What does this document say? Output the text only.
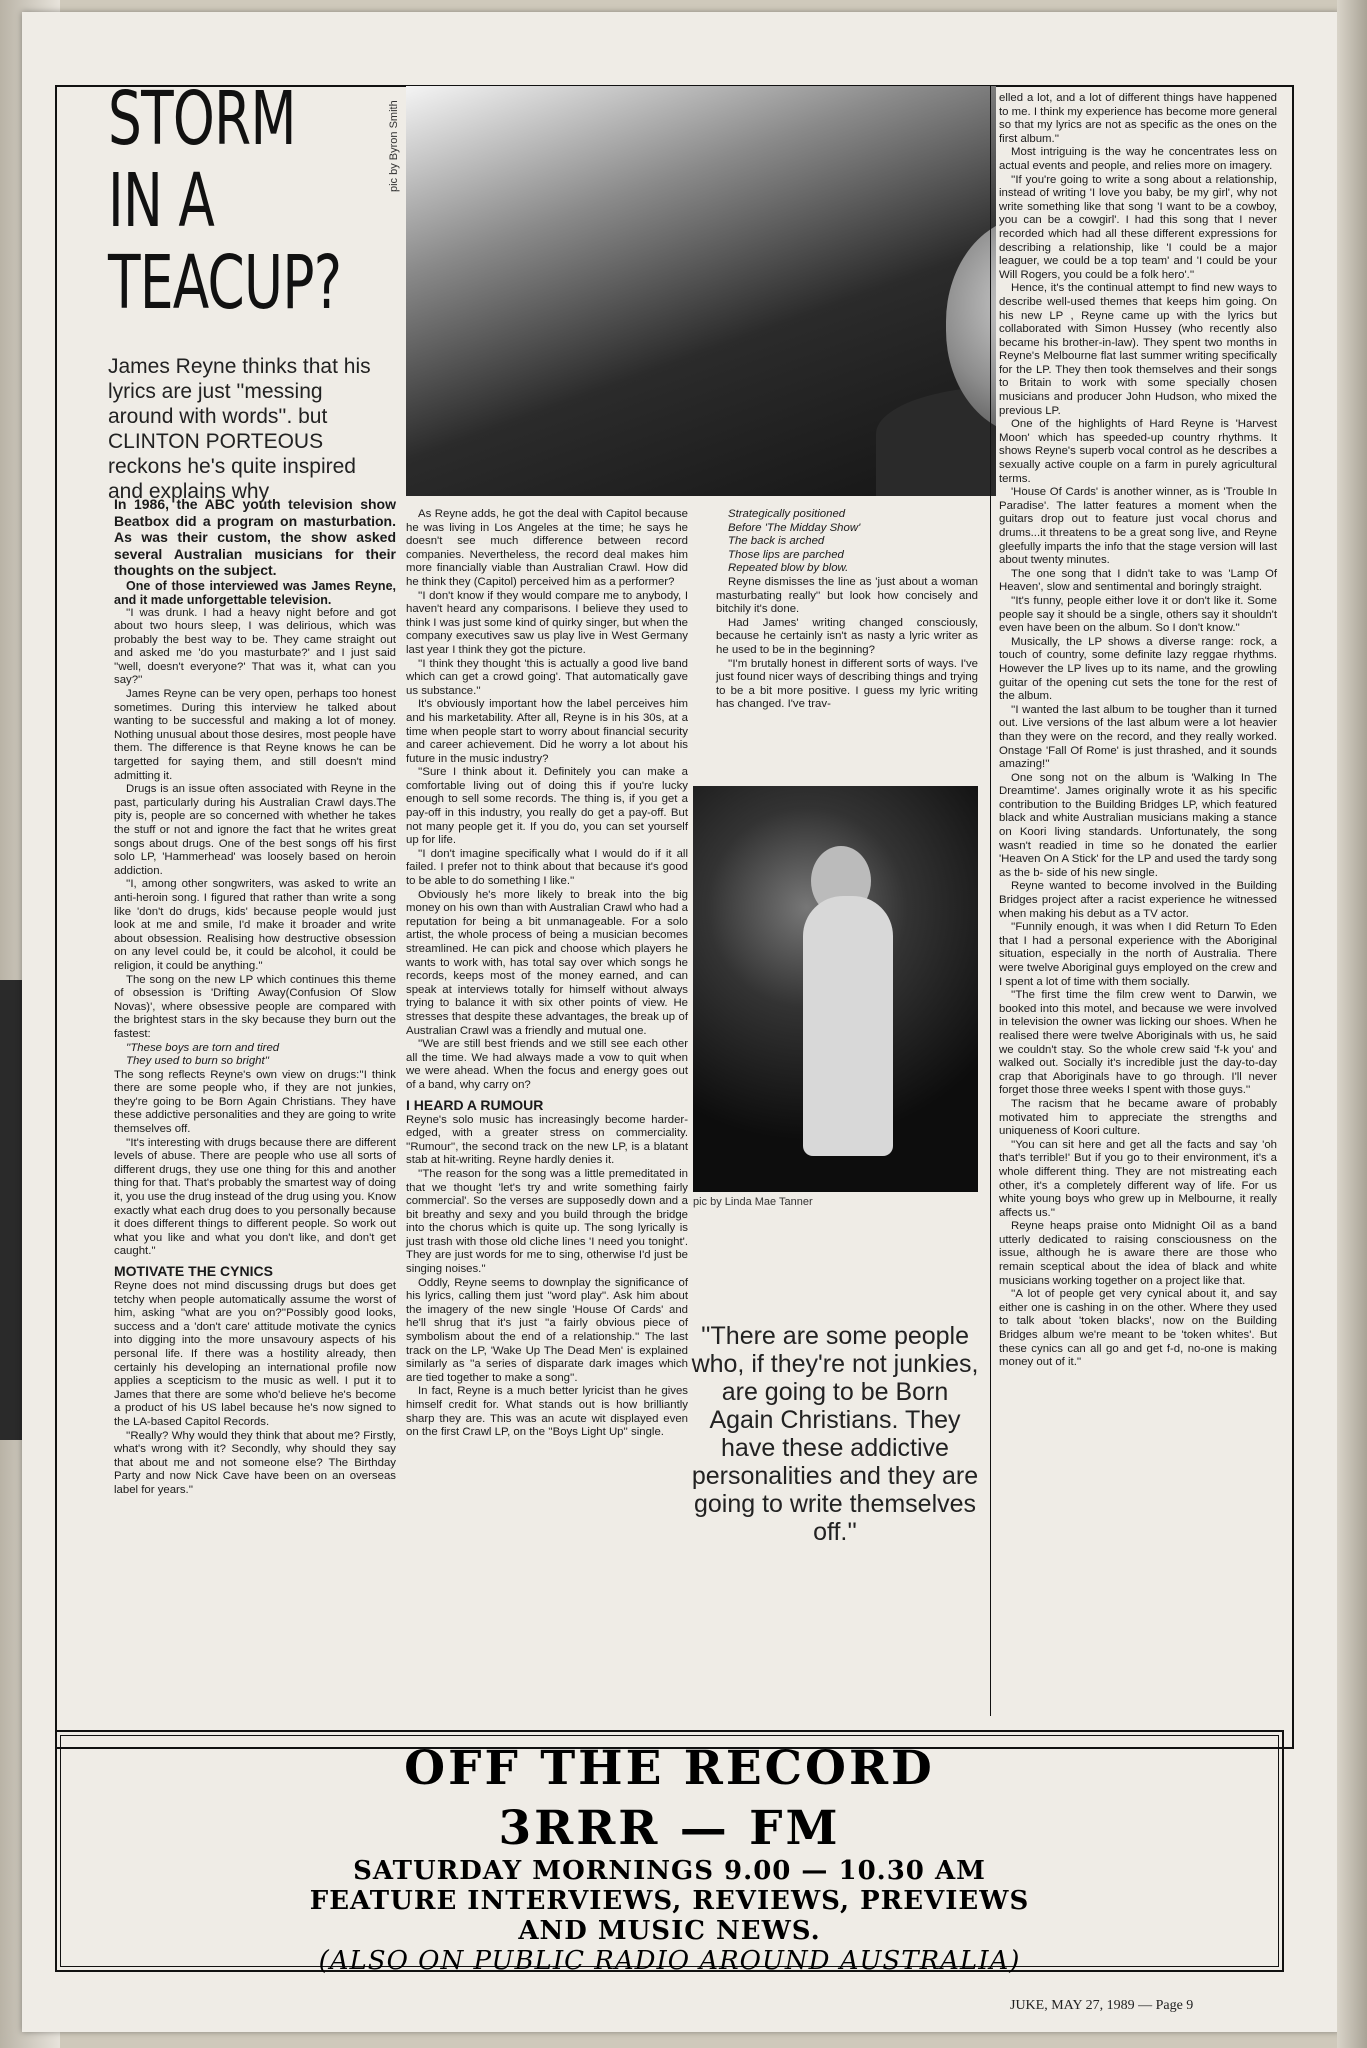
STORM
IN A
TEACUP?
James Reyne thinks that his lyrics are just ''messing around with words''. but CLINTON PORTEOUS reckons he's quite inspired and explains why
pic by Byron Smith
pic by Linda Mae Tanner

In 1986, the ABC youth television show Beatbox did a program on masturbation. As was their custom, the show asked several Australian musicians for their thoughts on the subject.

One of those interviewed was James Reyne, and it made unforgettable television.

''I was drunk. I had a heavy night before and got about two hours sleep, I was delirious, which was probably the best way to be. They came straight out and asked me 'do you masturbate?' and I just said ''well, doesn't everyone?' That was it, what can you say?''

James Reyne can be very open, perhaps too honest sometimes. During this interview he talked about wanting to be successful and making a lot of money. Nothing unusual about those desires, most people have them. The difference is that Reyne knows he can be targetted for saying them, and still doesn't mind admitting it.

Drugs is an issue often associated with Reyne in the past, particularly during his Australian Crawl days.The pity is, people are so concerned with whether he takes the stuff or not and ignore the fact that he writes great songs about drugs. One of the best songs off his first solo LP, 'Hammerhead' was loosely based on heroin addiction.

''I, among other songwriters, was asked to write an anti-heroin song. I figured that rather than write a song like 'don't do drugs, kids' because people would just look at me and smile, I'd make it broader and write about obsession. Realising how destructive obsession on any level could be, it could be alcohol, it could be religion, it could be anything.''

The song on the new LP which continues this theme of obsession is 'Drifting Away(Confusion Of Slow Novas)', where obsessive people are compared with the brightest stars in the sky because they burn out the fastest:

''These boys are torn and tired

They used to burn so bright''

The song reflects Reyne's own view on drugs:''I think there are some people who, if they are not junkies, they're going to be Born Again Christians. They have these addictive personalities and they are going to write themselves off.

''It's interesting with drugs because there are different levels of abuse. There are people who use all sorts of different drugs, they use one thing for this and another thing for that. That's probably the smartest way of doing it, you use the drug instead of the drug using you. Know exactly what each drug does to you personally because it does different things to different people. So work out what you like and what you don't like, and don't get caught.''

MOTIVATE THE CYNICS

Reyne does not mind discussing drugs but does get tetchy when people automatically assume the worst of him, asking ''what are you on?''Possibly good looks, success and a 'don't care' attitude motivate the cynics into digging into the more unsavoury aspects of his personal life. If there was a hostility already, then certainly his developing an international profile now applies a scepticism to the music as well. I put it to James that there are some who'd believe he's become a product of his US label because he's now signed to the LA-based Capitol Records.

''Really? Why would they think that about me? Firstly, what's wrong with it? Secondly, why should they say that about me and not someone else? The Birthday Party and now Nick Cave have been on an overseas label for years.''

As Reyne adds, he got the deal with Capitol because he was living in Los Angeles at the time; he says he doesn't see much difference between record companies. Nevertheless, the record deal makes him more financially viable than Australian Crawl. How did he think they (Capitol) perceived him as a performer?

''I don't know if they would compare me to anybody, I haven't heard any comparisons. I believe they used to think I was just some kind of quirky singer, but when the company executives saw us play live in West Germany last year I think they got the picture.

''I think they thought 'this is actually a good live band which can get a crowd going'. That automatically gave us substance.''

It's obviously important how the label perceives him and his marketability. After all, Reyne is in his 30s, at a time when people start to worry about financial security and career achievement. Did he worry a lot about his future in the music industry?

''Sure I think about it. Definitely you can make a comfortable living out of doing this if you're lucky enough to sell some records. The thing is, if you get a pay-off in this industry, you really do get a pay-off. But not many people get it. If you do, you can set yourself up for life.

''I don't imagine specifically what I would do if it all failed. I prefer not to think about that because it's good to be able to do something I like.''

Obviously he's more likely to break into the big money on his own than with Australian Crawl who had a reputation for being a bit unmanageable. For a solo artist, the whole process of being a musician becomes streamlined. He can pick and choose which players he wants to work with, has total say over which songs he records, keeps most of the money earned, and can speak at interviews totally for himself without always trying to balance it with six other points of view. He stresses that despite these advantages, the break up of Australian Crawl was a friendly and mutual one.

''We are still best friends and we still see each other all the time. We had always made a vow to quit when we were ahead. When the focus and energy goes out of a band, why carry on?

I HEARD A RUMOUR

Reyne's solo music has increasingly become harder-edged, with a greater stress on commerciality. ''Rumour'', the second track on the new LP, is a blatant stab at hit-writing. Reyne hardly denies it.

''The reason for the song was a little premeditated in that we thought 'let's try and write something fairly commercial'. So the verses are supposedly down and a bit breathy and sexy and you build through the bridge into the chorus which is quite up. The song lyrically is just trash with those old cliche lines 'I need you tonight'. They are just words for me to sing, otherwise I'd just be singing noises.''

Oddly, Reyne seems to downplay the significance of his lyrics, calling them just ''word play''. Ask him about the imagery of the new single 'House Of Cards' and he'll shrug that it's just ''a fairly obvious piece of symbolism about the end of a relationship.'' The last track on the LP, 'Wake Up The Dead Men' is explained similarly as ''a series of disparate dark images which are tied together to make a song''.

In fact, Reyne is a much better lyricist than he gives himself credit for. What stands out is how brilliantly sharp they are. This was an acute wit displayed even on the first Crawl LP, on the ''Boys Light Up'' single.

Strategically positioned

Before 'The Midday Show'

The back is arched

Those lips are parched

Repeated blow by blow.

Reyne dismisses the line as 'just about a woman masturbating really'' but look how concisely and bitchily it's done.

Had James' writing changed consciously, because he certainly isn't as nasty a lyric writer as he used to be in the beginning?

''I'm brutally honest in different sorts of ways. I've just found nicer ways of describing things and trying to be a bit more positive. I guess my lyric writing has changed. I've trav-

''There are some people who, if they're not junkies, are going to be Born Again Christians. They have these addictive personalities and they are going to write themselves off.''

elled a lot, and a lot of different things have happened to me. I think my experience has become more general so that my lyrics are not as specific as the ones on the first album.''

Most intriguing is the way he concentrates less on actual events and people, and relies more on imagery.

''If you're going to write a song about a relationship, instead of writing 'I love you baby, be my girl', why not write something like that song 'I want to be a cowboy, you can be a cowgirl'. I had this song that I never recorded which had all these different expressions for describing a relationship, like 'I could be a major leaguer, we could be a top team' and 'I could be your Will Rogers, you could be a folk hero'.''

Hence, it's the continual attempt to find new ways to describe well-used themes that keeps him going. On his new LP , Reyne came up with the lyrics but collaborated with Simon Hussey (who recently also became his brother-in-law). They spent two months in Reyne's Melbourne flat last summer writing specifically for the LP. They then took themselves and their songs to Britain to work with some specially chosen musicians and producer John Hudson, who mixed the previous LP.

One of the highlights of Hard Reyne is 'Harvest Moon' which has speeded-up country rhythms. It shows Reyne's superb vocal control as he describes a sexually active couple on a farm in purely agricultural terms.

'House Of Cards' is another winner, as is 'Trouble In Paradise'. The latter features a moment when the guitars drop out to feature just vocal chorus and drums...it threatens to be a great song live, and Reyne gleefully imparts the info that the stage version will last about twenty minutes.

The one song that I didn't take to was 'Lamp Of Heaven', slow and sentimental and boringly straight.

''It's funny, people either love it or don't like it. Some people say it should be a single, others say it shouldn't even have been on the album. So I don't know.''

Musically, the LP shows a diverse range: rock, a touch of country, some definite lazy reggae rhythms. However the LP lives up to its name, and the growling guitar of the opening cut sets the tone for the rest of the album.

''I wanted the last album to be tougher than it turned out. Live versions of the last album were a lot heavier than they were on the record, and they really worked. Onstage 'Fall Of Rome' is just thrashed, and it sounds amazing!''

One song not on the album is 'Walking In The Dreamtime'. James originally wrote it as his specific contribution to the Building Bridges LP, which featured black and white Australian musicians making a stance on Koori living standards. Unfortunately, the song wasn't readied in time so he donated the earlier 'Heaven On A Stick' for the LP and used the tardy song as the b- side of his new single.

Reyne wanted to become involved in the Building Bridges project after a racist experience he witnessed when making his debut as a TV actor.

''Funnily enough, it was when I did Return To Eden that I had a personal experience with the Aboriginal situation, especially in the north of Australia. There were twelve Aboriginal guys employed on the crew and I spent a lot of time with them socially.

''The first time the film crew went to Darwin, we booked into this motel, and because we were involved in television the owner was licking our shoes. When he realised there were twelve Aboriginals with us, he said we couldn't stay. So the whole crew said 'f-k you' and walked out. Socially it's incredible just the day-to-day crap that Aboriginals have to go through. I'll never forget those three weeks I spent with those guys.''

The racism that he became aware of probably motivated him to appreciate the strengths and uniqueness of Koori culture.

''You can sit here and get all the facts and say 'oh that's terrible!' But if you go to their environment, it's a whole different thing. They are not mistreating each other, it's a completely different way of life. For us white young boys who grew up in Melbourne, it really affects us.''

Reyne heaps praise onto Midnight Oil as a band utterly dedicated to raising consciousness on the issue, although he is aware there are those who remain sceptical about the idea of black and white musicians working together on a project like that.

''A lot of people get very cynical about it, and say either one is cashing in on the other. Where they used to talk about 'token blacks', now on the Building Bridges album we're meant to be 'token whites'. But these cynics can all go and get f-d, no-one is making money out of it.''

OFF THE RECORD
3RRR — FM

SATURDAY MORNINGS 9.00 — 10.30 AM

FEATURE INTERVIEWS, REVIEWS, PREVIEWS

AND MUSIC NEWS.

(ALSO ON PUBLIC RADIO AROUND AUSTRALIA)

JUKE, MAY 27, 1989 — Page 9
